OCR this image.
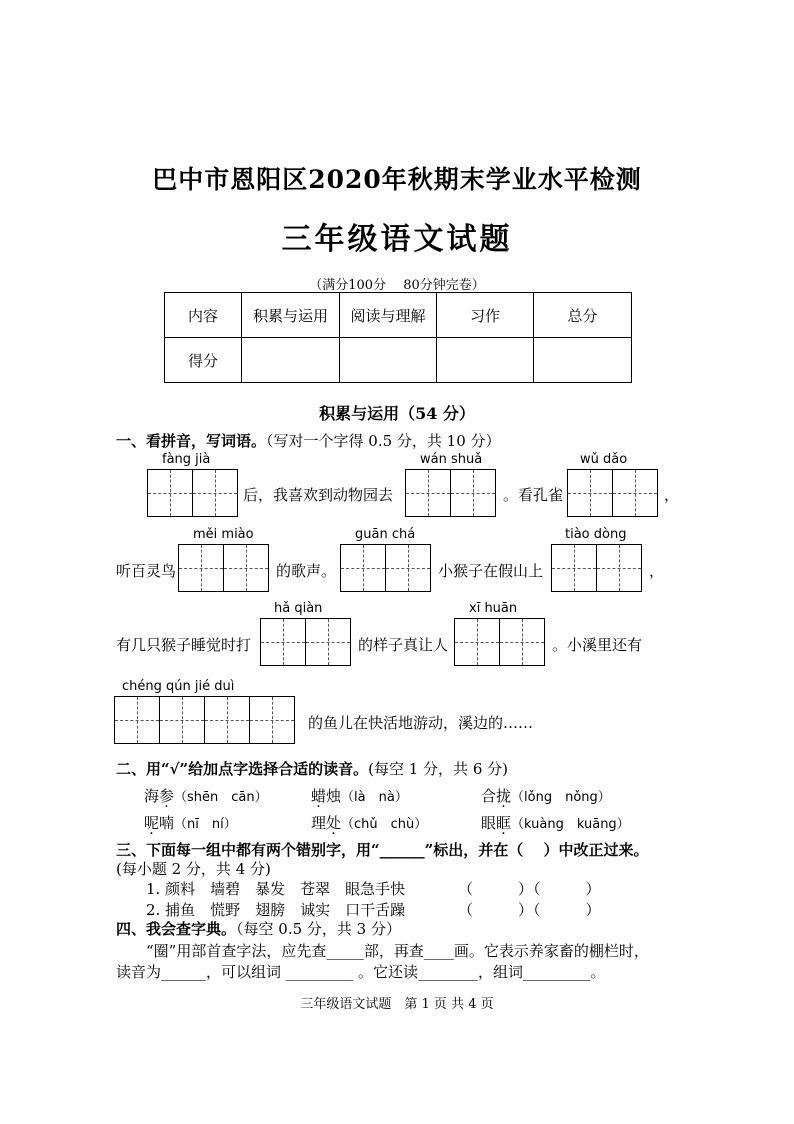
巴中市恩阳区2020年秋期末学业水平检测
三年级语文试题
（满分100分　 80分钟完卷）
内容	积累与运用	阅读与理解	习作	总分
得分				
积累与运用（54 分）
一、看拼音，写词语。（写对一个字得 0.5 分，共 10 分）
fàng jià
后，我喜欢到动物园去
wán shuǎ
。看孔雀
wǔ dǎo
，
听百灵鸟
měi miào
的歌声。
guān chá
小猴子在假山上
tiào dòng
，
有几只猴子睡觉时打
hǎ qiàn
的样子真让人
xī huān
。小溪里还有
chéng qún jié duì
的鱼儿在快活地游动，溪边的……
二、用“√”给加点字选择合适的读音。(每空 1 分，共 6 分)
海参（shēn　cān）	蜡烛（là　nà）	合拢（lǒng　nǒng）
呢喃（nī　ní）	理处（chǔ　chù）	眼眶（kuàng　kuāng）
三、下面每一组中都有两个错别字，用“______”标出，并在（　 ）中改正过来。
(每小题 2 分，共 4 分)
1. 颜料　墙碧　暴发　苍翠　眼急手快	（　　　）（　　　）
2. 捕鱼　慌野　翅膀　诚实　口干舌躁	（　　　）（　　　）
四、我会查字典。（每空 0.5 分，共 3 分）
“圈”用部首查字法，应先查_____部，再查____画。它表示养家畜的棚栏时，
读音为______，可以组词 _________ 。它还读________，组词_________。
三年级语文试题　第 1 页 共 4 页
